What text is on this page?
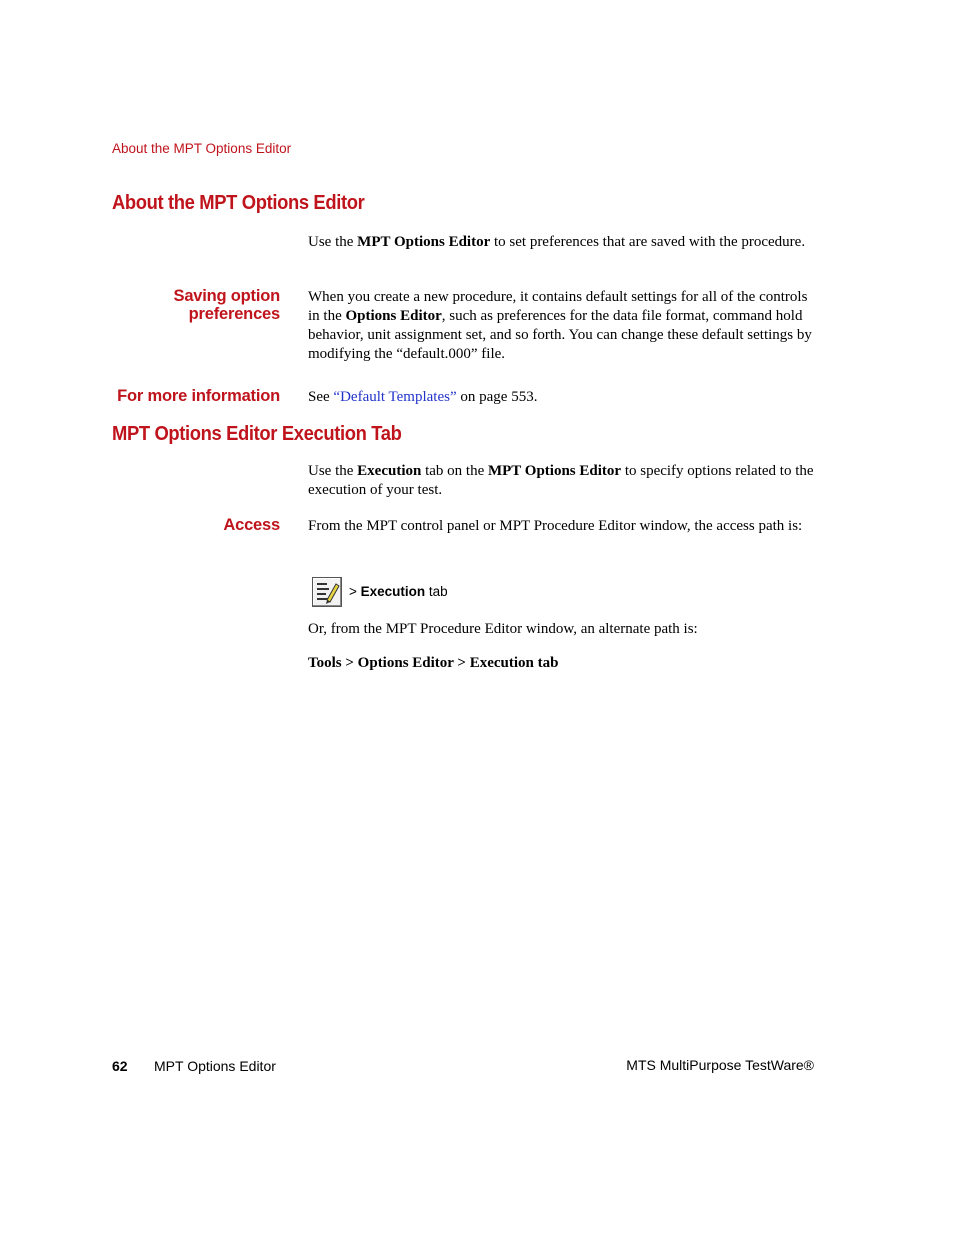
About the MPT Options Editor
About the MPT Options Editor
Use the MPT Options Editor to set preferences that are saved with the procedure.
Saving option
preferences
When you create a new procedure, it contains default settings for all of the controls in the Options Editor, such as preferences for the data file format, command hold behavior, unit assignment set, and so forth. You can change these default settings by modifying the “default.000” file.
For more information See “Default Templates” on page 553.
MPT Options Editor Execution Tab
Use the Execution tab on the MPT Options Editor to specify options related to the execution of your test.
Access From the MPT control panel or MPT Procedure Editor window, the access path is:
> Execution tab
Or, from the MPT Procedure Editor window, an alternate path is:
Tools > Options Editor > Execution tab
62 MPT Options Editor	MTS MultiPurpose TestWare®
